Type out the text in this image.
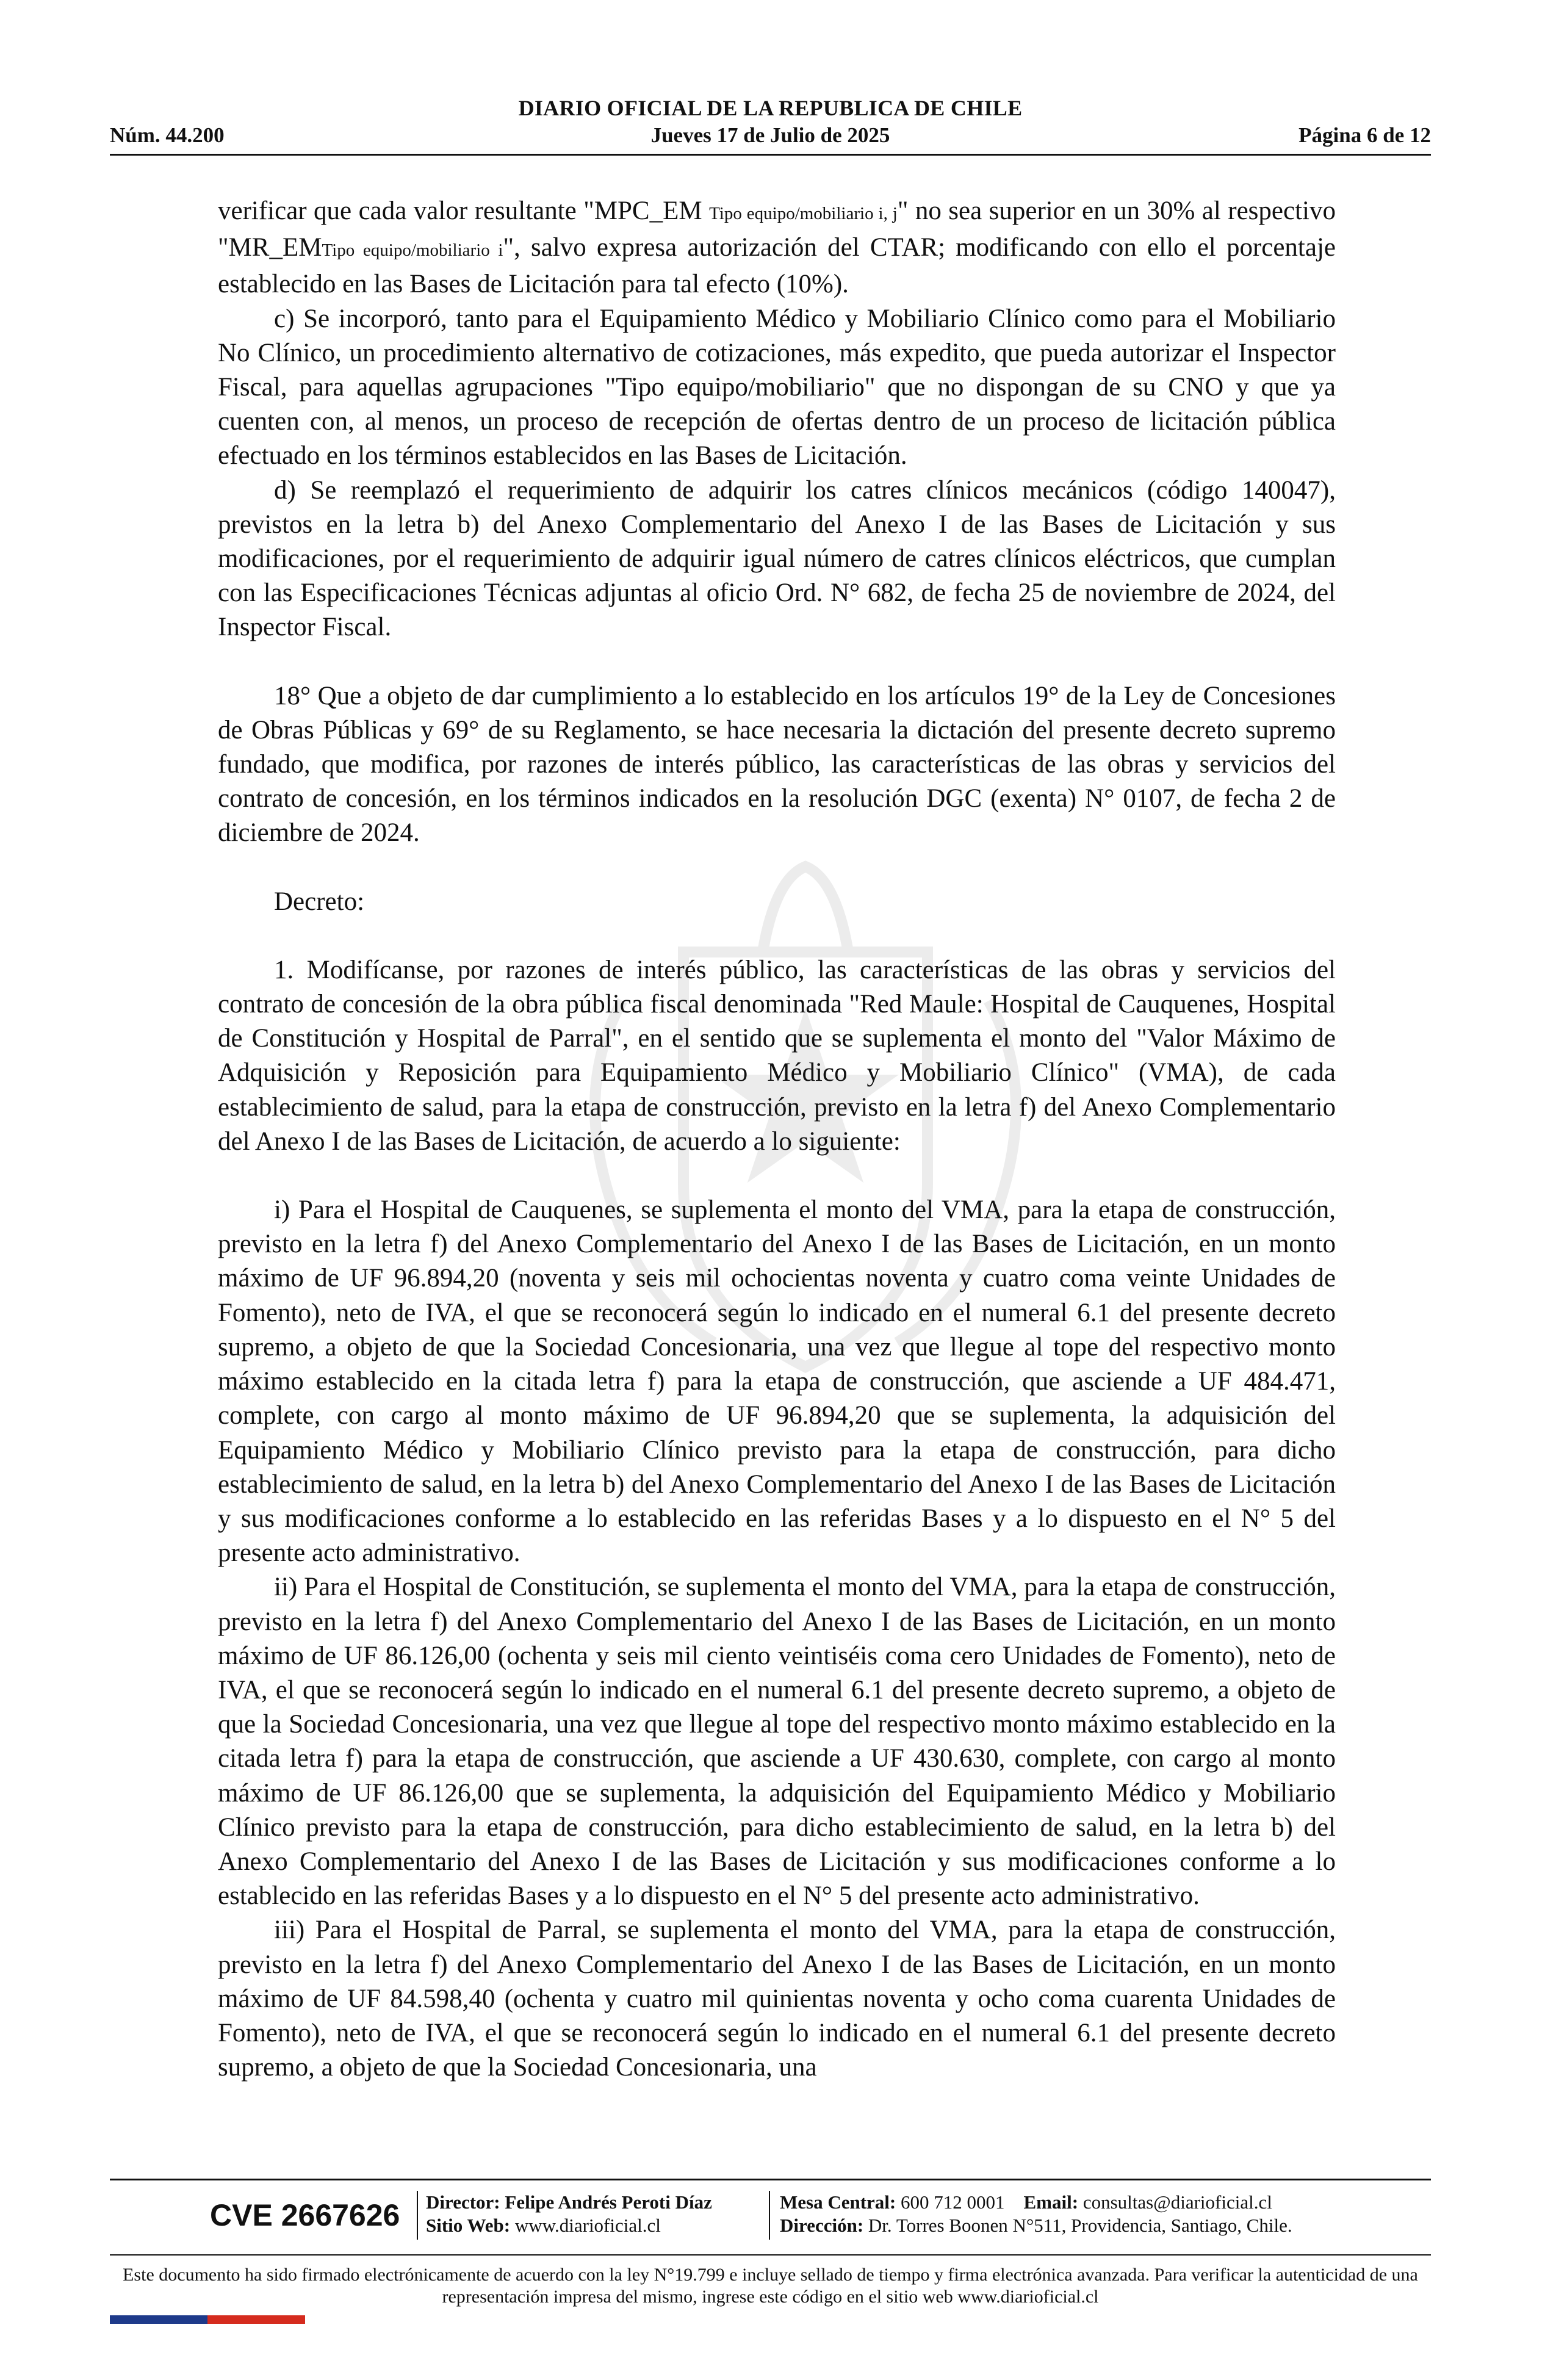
DIARIO OFICIAL DE LA REPUBLICA DE CHILE
Núm. 44.200	Jueves 17 de Julio de 2025	Página 6 de 12

verificar que cada valor resultante "MPC_EM Tipo equipo/mobiliario i, j" no sea superior en un 30% al respectivo "MR_EMTipo equipo/mobiliario i", salvo expresa autorización del CTAR; modificando con ello el porcentaje establecido en las Bases de Licitación para tal efecto (10%).

c) Se incorporó, tanto para el Equipamiento Médico y Mobiliario Clínico como para el Mobiliario No Clínico, un procedimiento alternativo de cotizaciones, más expedito, que pueda autorizar el Inspector Fiscal, para aquellas agrupaciones "Tipo equipo/mobiliario" que no dispongan de su CNO y que ya cuenten con, al menos, un proceso de recepción de ofertas dentro de un proceso de licitación pública efectuado en los términos establecidos en las Bases de Licitación.

d) Se reemplazó el requerimiento de adquirir los catres clínicos mecánicos (código 140047), previstos en la letra b) del Anexo Complementario del Anexo I de las Bases de Licitación y sus modificaciones, por el requerimiento de adquirir igual número de catres clínicos eléctricos, que cumplan con las Especificaciones Técnicas adjuntas al oficio Ord. N° 682, de fecha 25 de noviembre de 2024, del Inspector Fiscal.

18° Que a objeto de dar cumplimiento a lo establecido en los artículos 19° de la Ley de Concesiones de Obras Públicas y 69° de su Reglamento, se hace necesaria la dictación del presente decreto supremo fundado, que modifica, por razones de interés público, las características de las obras y servicios del contrato de concesión, en los términos indicados en la resolución DGC (exenta) N° 0107, de fecha 2 de diciembre de 2024.

Decreto:

1. Modifícanse, por razones de interés público, las características de las obras y servicios del contrato de concesión de la obra pública fiscal denominada "Red Maule: Hospital de Cauquenes, Hospital de Constitución y Hospital de Parral", en el sentido que se suplementa el monto del "Valor Máximo de Adquisición y Reposición para Equipamiento Médico y Mobiliario Clínico" (VMA), de cada establecimiento de salud, para la etapa de construcción, previsto en la letra f) del Anexo Complementario del Anexo I de las Bases de Licitación, de acuerdo a lo siguiente:

i) Para el Hospital de Cauquenes, se suplementa el monto del VMA, para la etapa de construcción, previsto en la letra f) del Anexo Complementario del Anexo I de las Bases de Licitación, en un monto máximo de UF 96.894,20 (noventa y seis mil ochocientas noventa y cuatro coma veinte Unidades de Fomento), neto de IVA, el que se reconocerá según lo indicado en el numeral 6.1 del presente decreto supremo, a objeto de que la Sociedad Concesionaria, una vez que llegue al tope del respectivo monto máximo establecido en la citada letra f) para la etapa de construcción, que asciende a UF 484.471, complete, con cargo al monto máximo de UF 96.894,20 que se suplementa, la adquisición del Equipamiento Médico y Mobiliario Clínico previsto para la etapa de construcción, para dicho establecimiento de salud, en la letra b) del Anexo Complementario del Anexo I de las Bases de Licitación y sus modificaciones conforme a lo establecido en las referidas Bases y a lo dispuesto en el N° 5 del presente acto administrativo.

ii) Para el Hospital de Constitución, se suplementa el monto del VMA, para la etapa de construcción, previsto en la letra f) del Anexo Complementario del Anexo I de las Bases de Licitación, en un monto máximo de UF 86.126,00 (ochenta y seis mil ciento veintiséis coma cero Unidades de Fomento), neto de IVA, el que se reconocerá según lo indicado en el numeral 6.1 del presente decreto supremo, a objeto de que la Sociedad Concesionaria, una vez que llegue al tope del respectivo monto máximo establecido en la citada letra f) para la etapa de construcción, que asciende a UF 430.630, complete, con cargo al monto máximo de UF 86.126,00 que se suplementa, la adquisición del Equipamiento Médico y Mobiliario Clínico previsto para la etapa de construcción, para dicho establecimiento de salud, en la letra b) del Anexo Complementario del Anexo I de las Bases de Licitación y sus modificaciones conforme a lo establecido en las referidas Bases y a lo dispuesto en el N° 5 del presente acto administrativo.

iii) Para el Hospital de Parral, se suplementa el monto del VMA, para la etapa de construcción, previsto en la letra f) del Anexo Complementario del Anexo I de las Bases de Licitación, en un monto máximo de UF 84.598,40 (ochenta y cuatro mil quinientas noventa y ocho coma cuarenta Unidades de Fomento), neto de IVA, el que se reconocerá según lo indicado en el numeral 6.1 del presente decreto supremo, a objeto de que la Sociedad Concesionaria, una

CVE 2667626	Director: Felipe Andrés Peroti Díaz
Sitio Web: www.diarioficial.cl
Mesa Central: 600 712 0001 Email: consultas@diarioficial.cl
Dirección: Dr. Torres Boonen N°511, Providencia, Santiago, Chile.
Este documento ha sido firmado electrónicamente de acuerdo con la ley N°19.799 e incluye sellado de tiempo y firma electrónica avanzada. Para verificar la autenticidad de una representación impresa del mismo, ingrese este código en el sitio web www.diarioficial.cl
